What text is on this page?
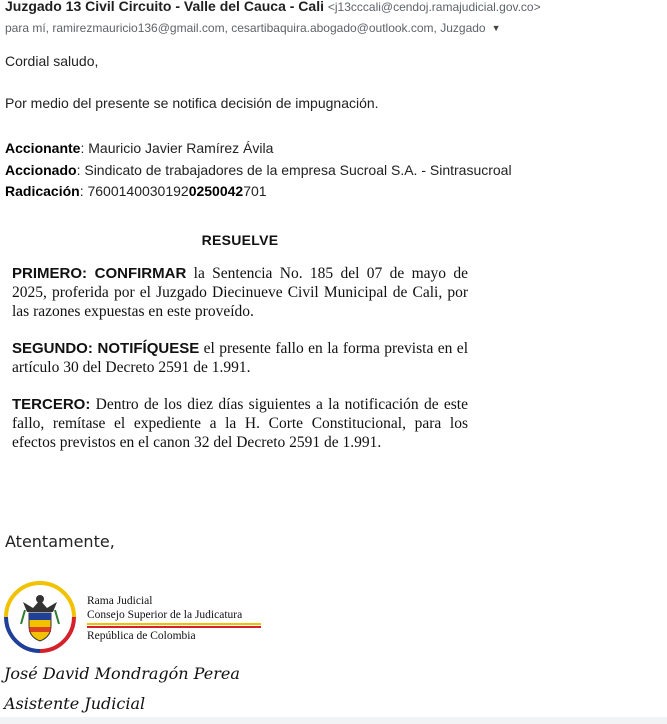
Juzgado 13 Civil Circuito - Valle del Cauca - Cali <j13cccali@cendoj.ramajudicial.gov.co>
para mí, ramirezmauricio136@gmail.com, cesartibaquira.abogado@outlook.com, Juzgado ▼
Cordial saludo,
Por medio del presente se notifica decisión de impugnación.
Accionante: Mauricio Javier Ramírez Ávila
Accionado: Sindicato de trabajadores de la empresa Sucroal S.A. - Sintrasucroal
Radicación: 76001400301920250042701
RESUELVE
PRIMERO: CONFIRMAR la Sentencia No. 185 del 07 de mayo de 2025, proferida por el Juzgado Diecinueve Civil Municipal de Cali, por las razones expuestas en este proveído.
SEGUNDO: NOTIFÍQUESE el presente fallo en la forma prevista en el artículo 30 del Decreto 2591 de 1.991.
TERCERO: Dentro de los diez días siguientes a la notificación de este fallo, remítase el expediente a la H. Corte Constitucional, para los efectos previstos en el canon 32 del Decreto 2591 de 1.991.
Atentamente,
Rama Judicial
Consejo Superior de la Judicatura
República de Colombia
José David Mondragón Perea
Asistente Judicial
